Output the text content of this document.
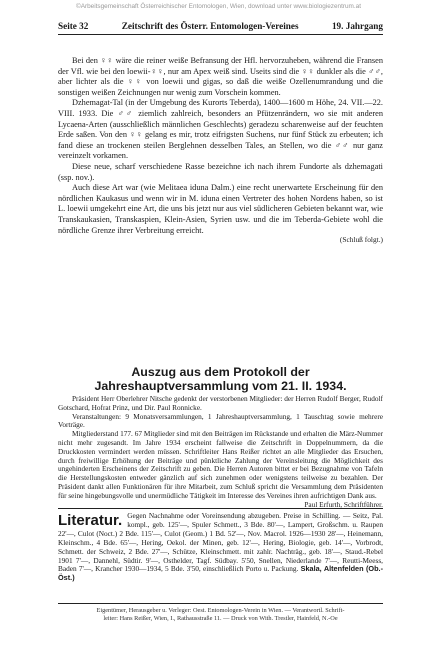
©Arbeitsgemeinschaft Österreichischer Entomologen, Wien, download unter www.biologiezentrum.at
Seite 32	Zeitschrift des Österr. Entomologen-Vereines	19. Jahrgang

Bei den ♀♀ wäre die reiner weiße Befransung der Hfl. hervorzuheben, während die Fransen der Vfl. wie bei den loewii-♀♀, nur am Apex weiß sind. Useits sind die ♀♀ dunkler als die ♂♂, aber lichter als die ♀♀ von loewii und gigas, so daß die weiße Ozellenumrandung und die sonstigen weißen Zeichnungen nur wenig zum Vorschein kommen.

Dzhemagat-Tal (in der Umgebung des Kurorts Teberda), 1400—1600 m Höhe, 24. VII.—22. VIII. 1933. Die ♂♂ ziemlich zahlreich, besonders an Pfützenrändern, wo sie mit anderen Lycaena-Arten (ausschließlich männlichen Geschlechts) geradezu scharenweise auf der feuchten Erde saßen. Von den ♀♀ gelang es mir, trotz eifrigsten Suchens, nur fünf Stück zu erbeuten; ich fand diese an trockenen steilen Berglehnen desselben Tales, an Stellen, wo die ♂♂ nur ganz vereinzelt vorkamen.

Diese neue, scharf verschiedene Rasse bezeichne ich nach ihrem Fundorte als dzhemagati (ssp. nov.).

Auch diese Art war (wie Melitaea iduna Dalm.) eine recht unerwartete Erscheinung für den nördlichen Kaukasus und wenn wir in M. iduna einen Vertreter des hohen Nordens haben, so ist L. loewii umgekehrt eine Art, die uns bis jetzt nur aus viel südlicheren Gebieten bekannt war, wie Transkaukasien, Transkaspien, Klein-Asien, Syrien usw. und die im Teberda-Gebiete wohl die nördliche Grenze ihrer Verbreitung erreicht.

(Schluß folgt.)
Auszug aus dem Protokoll der
Jahreshauptversammlung vom 21. II. 1934.

Präsident Herr Oberlehrer Nitsche gedenkt der verstorbenen Mitglieder: der Herren Rudolf Berger, Rudolf Gotschard, Hofrat Prinz, und Dir. Paul Ronnicke.

Veranstaltungen: 9 Monatsversammlungen, 1 Jahreshauptversammlung, 1 Tauschtag sowie mehrere Vorträge.

Mitgliederstand 177. 67 Mitglieder sind mit den Beiträgen im Rückstande und erhalten die März-Nummer nicht mehr zugesandt. Im Jahre 1934 erscheint fallweise die Zeitschrift in Doppelnummern, da die Druckkosten vermindert werden müssen. Schriftleiter Hans Reißer richtet an alle Mitglieder das Ersuchen, durch freiwillige Erhöhung der Beiträge und pünktliche Zahlung der Vereinsleitung die Möglichkeit des ungehinderten Erscheinens der Zeitschrift zu geben. Die Herren Autoren bittet er bei Bezugnahme von Tafeln die Herstellungskosten entweder gänzlich auf sich zunehmen oder wenigstens teilweise zu bezahlen. Der Präsident dankt allen Funktionären für ihre Mitarbeit, zum Schluß spricht die Versammlung dem Präsidenten für seine hingebungsvolle und unermüdliche Tätigkeit im Interesse des Vereines ihren aufrichtigen Dank aus.

Paul Erfurth, Schriftführer.
Literatur. Gegen Nachnahme oder Voreinsendung abzugeben. Preise in Schilling. — Seitz, Pal. kompl., geb. 125'—, Spuler Schmett., 3 Bde. 80'—, Lampert, Großschm. u. Raupen 22'—, Culot (Noct.) 2 Bde. 115'—, Culot (Geom.) 1 Bd. 52'—, Nov. Macrol. 1926—1930 28'—, Heinemann, Kleinschm., 4 Bde. 65'—, Hering, Oekol. der Minen, geb. 12'—, Hering, Biologie, geb. 14'—, Vorbrodt, Schmett. der Schweiz, 2 Bde. 27'—, Schütze, Kleinschmett. mit zahlr. Nachträg., geb. 18'—, Staud.-Rebel 1901 7'—, Dannehl, Südtir. 9'—, Osthelder, Tagf. Südbay. 5'50, Snellen, Niederlande 7'—, Reutti-Meess, Baden 7'—, Krancher 1930—1934, 5 Bde. 3'50, einschließlich Porto u. Packung. Skala, Altenfelden (Ob.-Öst.)
Eigentümer, Herausgeber u. Verleger: Oest. Entomologen-Verein in Wien. — Verantwortl. Schrift-
leiter: Hans Reißer, Wien, I., Rathausstraße 11. — Druck von With. Trestler, Hainfeld, N.-Oe
